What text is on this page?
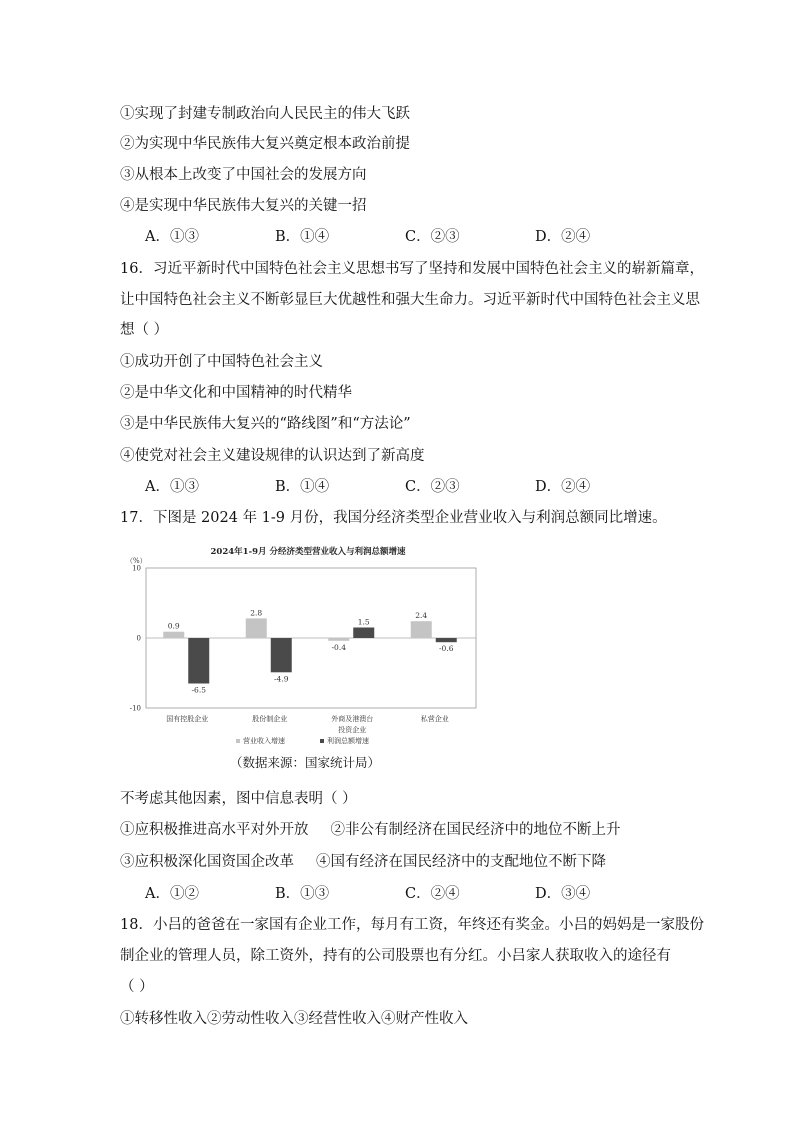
①实现了封建专制政治向人民民主的伟大飞跃
②为实现中华民族伟大复兴奠定根本政治前提
③从根本上改变了中国社会的发展方向
④是实现中华民族伟大复兴的关键一招
A．①③	B．①④	C．②③	D．②④
16．习近平新时代中国特色社会主义思想书写了坚持和发展中国特色社会主义的崭新篇章，
让中国特色社会主义不断彰显巨大优越性和强大生命力。习近平新时代中国特色社会主义思
想（ ）
①成功开创了中国特色社会主义
②是中华文化和中国精神的时代精华
③是中华民族伟大复兴的“路线图”和“方法论”
④使党对社会主义建设规律的认识达到了新高度
A．①③	B．①④	C．②③	D．②④
17．下图是 2024 年 1-9 月份，我国分经济类型企业营业收入与利润总额同比增速。
2024年1-9月 分经济类型营业收入与利润总额增速
（%）
10
0
-10
0.9
-6.5
国有控股企业
2.8
-4.9
股份制企业
-0.4
1.5
外商及港澳台
投资企业
2.4
-0.6
私营企业
营业收入增速	利润总额增速
（数据来源：国家统计局）
不考虑其他因素，图中信息表明（ ）
①应积极推进高水平对外开放 ②非公有制经济在国民经济中的地位不断上升
③应积极深化国资国企改革 ④国有经济在国民经济中的支配地位不断下降
A．①②	B．①③	C．②④	D．③④
18．小吕的爸爸在一家国有企业工作，每月有工资，年终还有奖金。小吕的妈妈是一家股份
制企业的管理人员，除工资外，持有的公司股票也有分红。小吕家人获取收入的途径有
（ ）
①转移性收入②劳动性收入③经营性收入④财产性收入
